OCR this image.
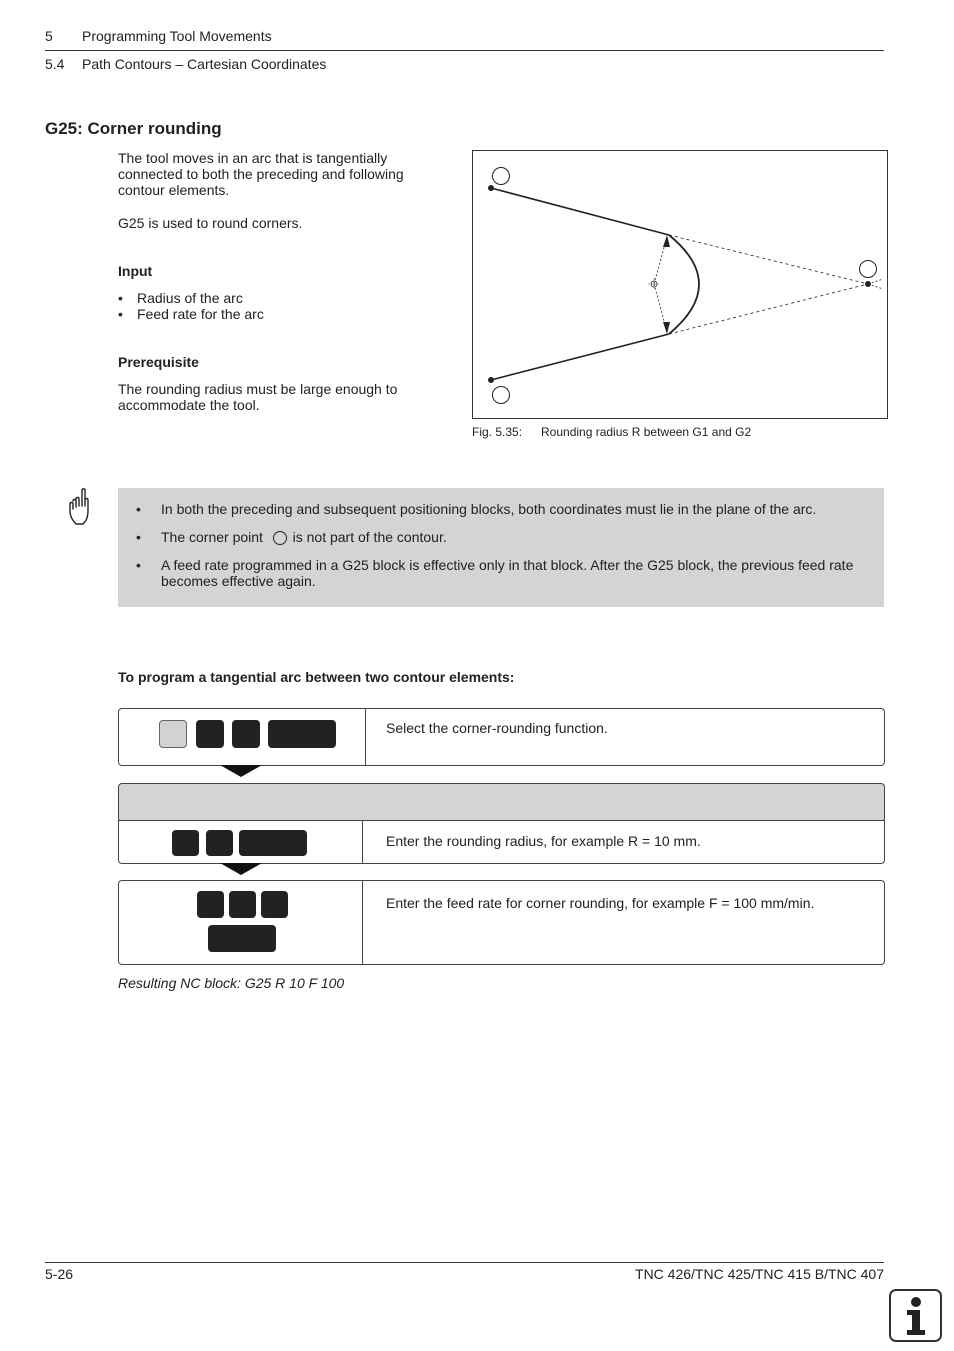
5 Programming Tool Movements
5.4 Path Contours – Cartesian Coordinates
G25: Corner rounding
The tool moves in an arc that is tangentially connected to both the preceding and following contour elements.
G25 is used to round corners.
Input
• Radius of the arc
• Feed rate for the arc
Prerequisite
The rounding radius must be large enough to accommodate the tool.
Fig. 5.35: Rounding radius R between G1 and G2
• In both the preceding and subsequent positioning blocks, both coordinates must lie in the plane of the arc.
• The corner point is not part of the contour.
• A feed rate programmed in a G25 block is effective only in that block. After the G25 block, the previous feed rate becomes effective again.
To program a tangential arc between two contour elements:
Select the corner-rounding function.
Enter the rounding radius, for example R = 10 mm.
Enter the feed rate for corner rounding, for example F = 100 mm/min.
Resulting NC block: G25 R 10 F 100
5-26	TNC 426/TNC 425/TNC 415 B/TNC 407
